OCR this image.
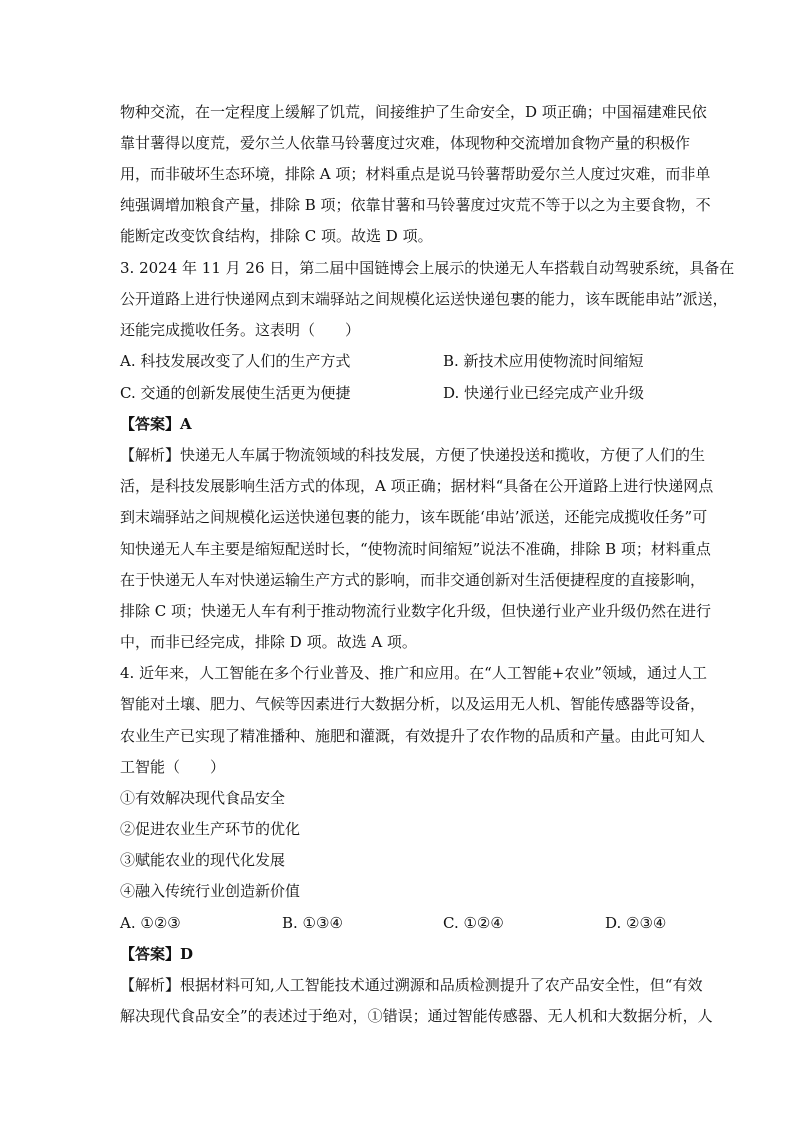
物种交流，在一定程度上缓解了饥荒，间接维护了生命安全，D 项正确；中国福建难民依
靠甘薯得以度荒，爱尔兰人依靠马铃薯度过灾难，体现物种交流增加食物产量的积极作
用，而非破坏生态环境，排除 A 项；材料重点是说马铃薯帮助爱尔兰人度过灾难，而非单
纯强调增加粮食产量，排除 B 项；依靠甘薯和马铃薯度过灾荒不等于以之为主要食物，不
能断定改变饮食结构，排除 C 项。故选 D 项。
3. 2024 年 11 月 26 日，第二届中国链博会上展示的快递无人车搭载自动驾驶系统，具备在
公开道路上进行快递网点到末端驿站之间规模化运送快递包裹的能力，该车既能串站”派送，
还能完成揽收任务。这表明（　　）
A. 科技发展改变了人们的生产方式	B. 新技术应用使物流时间缩短
C. 交通的创新发展使生活更为便捷	D. 快递行业已经完成产业升级
【答案】A
【解析】快递无人车属于物流领域的科技发展，方便了快递投送和揽收，方便了人们的生
活，是科技发展影响生活方式的体现，A 项正确；据材料“具备在公开道路上进行快递网点
到末端驿站之间规模化运送快递包裹的能力，该车既能‘串站’派送，还能完成揽收任务”可
知快递无人车主要是缩短配送时长，“使物流时间缩短”说法不准确，排除 B 项；材料重点
在于快递无人车对快递运输生产方式的影响，而非交通创新对生活便捷程度的直接影响，
排除 C 项；快递无人车有利于推动物流行业数字化升级，但快递行业产业升级仍然在进行
中，而非已经完成，排除 D 项。故选 A 项。
4. 近年来，人工智能在多个行业普及、推广和应用。在“人工智能+农业”领域，通过人工
智能对土壤、肥力、气候等因素进行大数据分析，以及运用无人机、智能传感器等设备，
农业生产已实现了精准播种、施肥和灌溉，有效提升了农作物的品质和产量。由此可知人
工智能（　　）
①有效解决现代食品安全
②促进农业生产环节的优化
③赋能农业的现代化发展
④融入传统行业创造新价值
A. ①②③	B. ①③④	C. ①②④	D. ②③④
【答案】D
【解析】根据材料可知,人工智能技术通过溯源和品质检测提升了农产品安全性，但“有效
解决现代食品安全”的表述过于绝对，①错误；通过智能传感器、无人机和大数据分析，人
